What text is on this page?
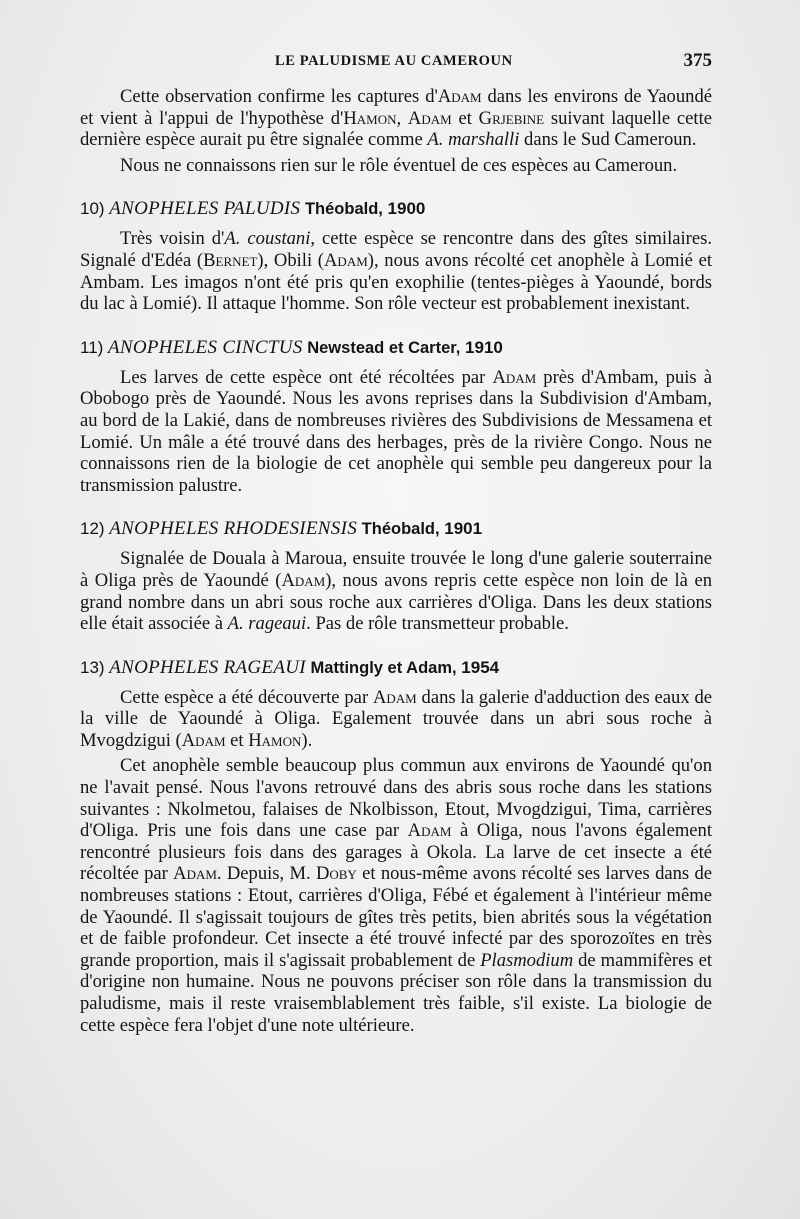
LE PALUDISME AU CAMEROUN	375

Cette observation confirme les captures d'Adam dans les environs de Yaoundé et vient à l'appui de l'hypothèse d'Hamon, Adam et Grjebine suivant laquelle cette dernière espèce aurait pu être signalée comme A. marshalli dans le Sud Cameroun.

Nous ne connaissons rien sur le rôle éventuel de ces espèces au Cameroun.

10) ANOPHELES PALUDIS Théobald, 1900

Très voisin d'A. coustani, cette espèce se rencontre dans des gîtes similaires. Signalé d'Edéa (Bernet), Obili (Adam), nous avons récolté cet anophèle à Lomié et Ambam. Les imagos n'ont été pris qu'en exophilie (tentes-pièges à Yaoundé, bords du lac à Lomié). Il attaque l'homme. Son rôle vecteur est probablement inexistant.

11) ANOPHELES CINCTUS Newstead et Carter, 1910

Les larves de cette espèce ont été récoltées par Adam près d'Ambam, puis à Obobogo près de Yaoundé. Nous les avons reprises dans la Subdivision d'Ambam, au bord de la Lakié, dans de nombreuses rivières des Subdivisions de Messamena et Lomié. Un mâle a été trouvé dans des herbages, près de la rivière Congo. Nous ne connaissons rien de la biologie de cet anophèle qui semble peu dangereux pour la transmission palustre.

12) ANOPHELES RHODESIENSIS Théobald, 1901

Signalée de Douala à Maroua, ensuite trouvée le long d'une galerie souterraine à Oliga près de Yaoundé (Adam), nous avons repris cette espèce non loin de là en grand nombre dans un abri sous roche aux carrières d'Oliga. Dans les deux stations elle était associée à A. rageaui. Pas de rôle transmetteur probable.

13) ANOPHELES RAGEAUI Mattingly et Adam, 1954

Cette espèce a été découverte par Adam dans la galerie d'adduction des eaux de la ville de Yaoundé à Oliga. Egalement trouvée dans un abri sous roche à Mvogdzigui (Adam et Hamon).

Cet anophèle semble beaucoup plus commun aux environs de Yaoundé qu'on ne l'avait pensé. Nous l'avons retrouvé dans des abris sous roche dans les stations suivantes : Nkolmetou, falaises de Nkolbisson, Etout, Mvogdzigui, Tima, carrières d'Oliga. Pris une fois dans une case par Adam à Oliga, nous l'avons également rencontré plusieurs fois dans des garages à Okola. La larve de cet insecte a été récoltée par Adam. Depuis, M. Doby et nous-même avons récolté ses larves dans de nombreuses stations : Etout, carrières d'Oliga, Fébé et également à l'intérieur même de Yaoundé. Il s'agissait toujours de gîtes très petits, bien abrités sous la végétation et de faible profondeur. Cet insecte a été trouvé infecté par des sporozoïtes en très grande proportion, mais il s'agissait probablement de Plasmodium de mammifères et d'origine non humaine. Nous ne pouvons préciser son rôle dans la transmission du paludisme, mais il reste vraisemblablement très faible, s'il existe. La biologie de cette espèce fera l'objet d'une note ultérieure.
